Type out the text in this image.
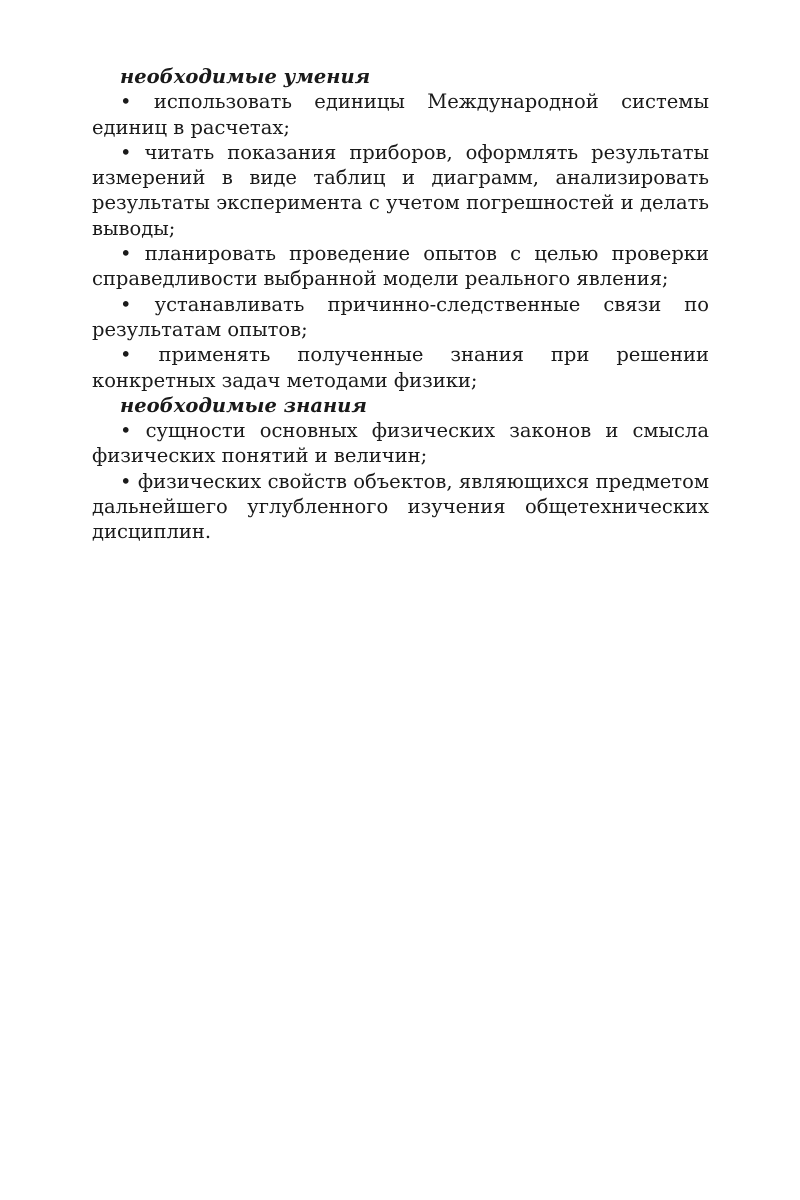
необходимые умения

• использовать единицы Международной системы единиц в расчетах;

• читать показания приборов, оформлять результаты измерений в виде таблиц и диаграмм, анализировать результаты эксперимента с учетом погрешностей и делать выводы;

• планировать проведение опытов с целью проверки справедливости выбранной модели реального явления;

• устанавливать причинно-следственные связи по результатам опытов;

• применять полученные знания при решении конкретных задач методами физики;

необходимые знания

• сущности основных физических законов и смысла физических понятий и величин;

• физических свойств объектов, являющихся предметом дальнейшего углубленного изучения общетехнических дисциплин.
